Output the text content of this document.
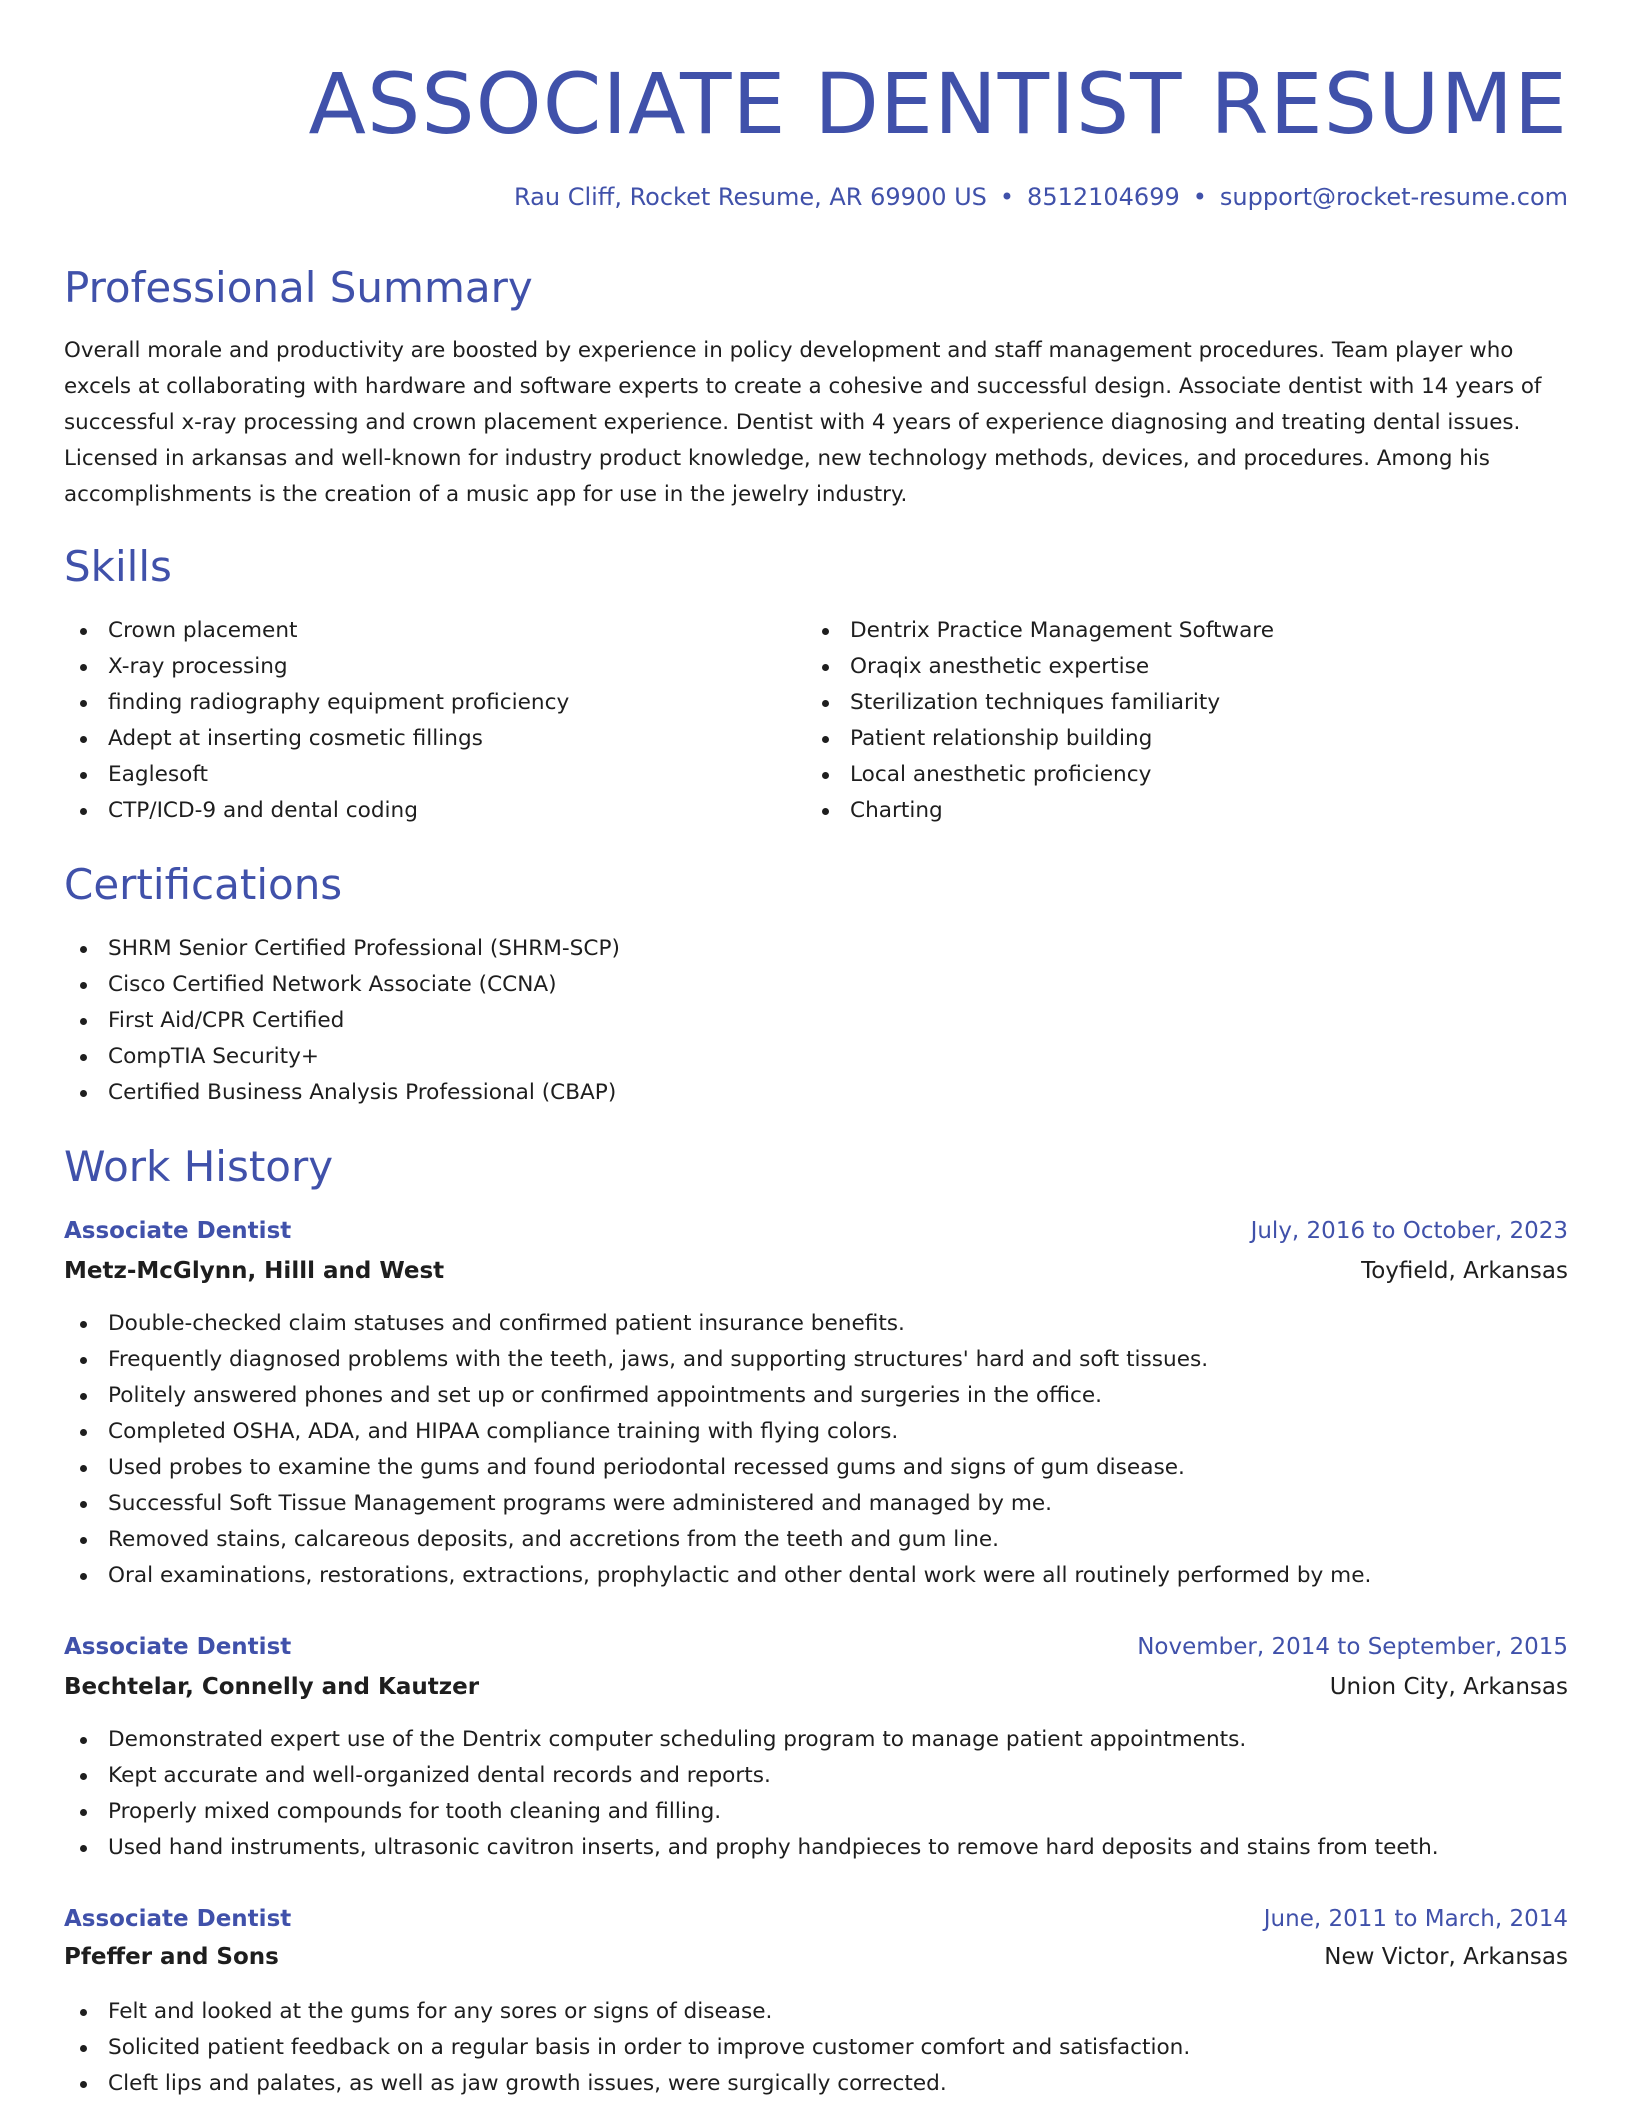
ASSOCIATE DENTIST RESUME
Rau Cliff, Rocket Resume, AR 69900 US • 8512104699 • support@rocket-resume.com
Professional Summary

Overall morale and productivity are boosted by experience in policy development and staff management procedures. Team player who excels at collaborating with hardware and software experts to create a cohesive and successful design. Associate dentist with 14 years of successful x-ray processing and crown placement experience. Dentist with 4 years of experience diagnosing and treating dental issues. Licensed in arkansas and well-known for industry product knowledge, new technology methods, devices, and procedures. Among his accomplishments is the creation of a music app for use in the jewelry industry.

Skills
Crown placement
X-ray processing
finding radiography equipment proficiency
Adept at inserting cosmetic fillings
Eaglesoft
CTP/ICD-9 and dental coding
Dentrix Practice Management Software
Oraqix anesthetic expertise
Sterilization techniques familiarity
Patient relationship building
Local anesthetic proficiency
Charting
Certifications
SHRM Senior Certified Professional (SHRM-SCP)
Cisco Certified Network Associate (CCNA)
First Aid/CPR Certified
CompTIA Security+
Certified Business Analysis Professional (CBAP)
Work History
Associate Dentist	July, 2016 to October, 2023
Metz-McGlynn, Hilll and West	Toyfield, Arkansas
Double-checked claim statuses and confirmed patient insurance benefits.
Frequently diagnosed problems with the teeth, jaws, and supporting structures' hard and soft tissues.
Politely answered phones and set up or confirmed appointments and surgeries in the office.
Completed OSHA, ADA, and HIPAA compliance training with flying colors.
Used probes to examine the gums and found periodontal recessed gums and signs of gum disease.
Successful Soft Tissue Management programs were administered and managed by me.
Removed stains, calcareous deposits, and accretions from the teeth and gum line.
Oral examinations, restorations, extractions, prophylactic and other dental work were all routinely performed by me.
Associate Dentist	November, 2014 to September, 2015
Bechtelar, Connelly and Kautzer	Union City, Arkansas
Demonstrated expert use of the Dentrix computer scheduling program to manage patient appointments.
Kept accurate and well-organized dental records and reports.
Properly mixed compounds for tooth cleaning and filling.
Used hand instruments, ultrasonic cavitron inserts, and prophy handpieces to remove hard deposits and stains from teeth.
Associate Dentist	June, 2011 to March, 2014
Pfeffer and Sons	New Victor, Arkansas
Felt and looked at the gums for any sores or signs of disease.
Solicited patient feedback on a regular basis in order to improve customer comfort and satisfaction.
Cleft lips and palates, as well as jaw growth issues, were surgically corrected.
